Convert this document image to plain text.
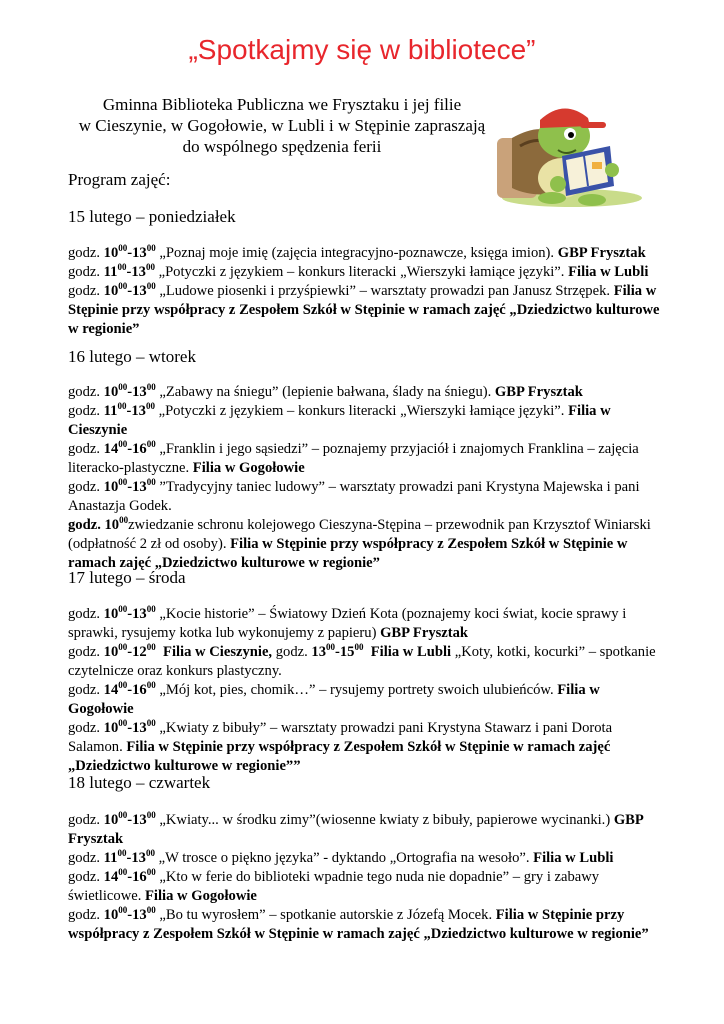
„Spotkajmy się w bibliotece”
Gminna Biblioteka Publiczna we Frysztaku i jej filie
w Cieszynie, w Gogołowie, w Lubli i w Stępinie zapraszają
do wspólnego spędzenia ferii
Program zajęć:
15 lutego – poniedziałek

godz. $10^{00}-13^{00}$ „Poznaj moje imię (zajęcia integracyjno-poznawcze, księga imion). GBP Frysztak

godz. $11^{00}-13^{00}$ „Potyczki z językiem – konkurs literacki „Wierszyki łamiące języki”. Filia w Lubli

godz. $10^{00}-13^{00}$ „Ludowe piosenki i przyśpiewki” – warsztaty prowadzi pan Janusz Strzępek. Filia w Stępinie przy współpracy z Zespołem Szkół w Stępinie w ramach zajęć „Dziedzictwo kulturowe w regionie”

16 lutego – wtorek

godz. $10^{00}-13^{00}$ „Zabawy na śniegu” (lepienie bałwana, ślady na śniegu). GBP Frysztak

godz. $11^{00}-13^{00}$ „Potyczki z językiem – konkurs literacki „Wierszyki łamiące języki”. Filia w Cieszynie

godz. $14^{00}-16^{00}$ „Franklin i jego sąsiedzi” – poznajemy przyjaciół i znajomych Franklina – zajęcia literacko-plastyczne. Filia w Gogołowie

godz. $10^{00}-13^{00}$ ”Tradycyjny taniec ludowy” – warsztaty prowadzi pani Krystyna Majewska i pani Anastazja Godek.

godz. $10^{00}zwiedzanie$ schronu kolejowego Cieszyna-Stępina – przewodnik pan Krzysztof Winiarski (odpłatność 2 zł od osoby). Filia w Stępinie przy współpracy z Zespołem Szkół w Stępinie w ramach zajęć „Dziedzictwo kulturowe w regionie”

17 lutego – środa

godz. $10^{00}-13^{00}$ „Kocie historie” – Światowy Dzień Kota (poznajemy koci świat, kocie sprawy i sprawki, rysujemy kotka lub wykonujemy z papieru) GBP Frysztak

godz. $10^{00}-12^{00}$ Filia w Cieszynie, godz. $13^{00}-15^{00}$ Filia w Lubli „Koty, kotki, kocurki” – spotkanie czytelnicze oraz konkurs plastyczny.

godz. $14^{00}-16^{00}$ „Mój kot, pies, chomik…” – rysujemy portrety swoich ulubieńców. Filia w Gogołowie

godz. $10^{00}-13^{00}$ „Kwiaty z bibuły” – warsztaty prowadzi pani Krystyna Stawarz i pani Dorota Salamon. Filia w Stępinie przy współpracy z Zespołem Szkół w Stępinie w ramach zajęć „Dziedzictwo kulturowe w regionie””

18 lutego – czwartek

godz. $10^{00}-13^{00}$ „Kwiaty... w środku zimy”(wiosenne kwiaty z bibuły, papierowe wycinanki.) GBP Frysztak

godz. $11^{00}-13^{00}$ „W trosce o piękno języka” - dyktando „Ortografia na wesoło”. Filia w Lubli

godz. $14^{00}-16^{00}$ „Kto w ferie do biblioteki wpadnie tego nuda nie dopadnie” – gry i zabawy świetlicowe. Filia w Gogołowie

godz. $10^{00}-13^{00}$ „Bo tu wyrosłem” – spotkanie autorskie z Józefą Mocek. Filia w Stępinie przy współpracy z Zespołem Szkół w Stępinie w ramach zajęć „Dziedzictwo kulturowe w regionie”
